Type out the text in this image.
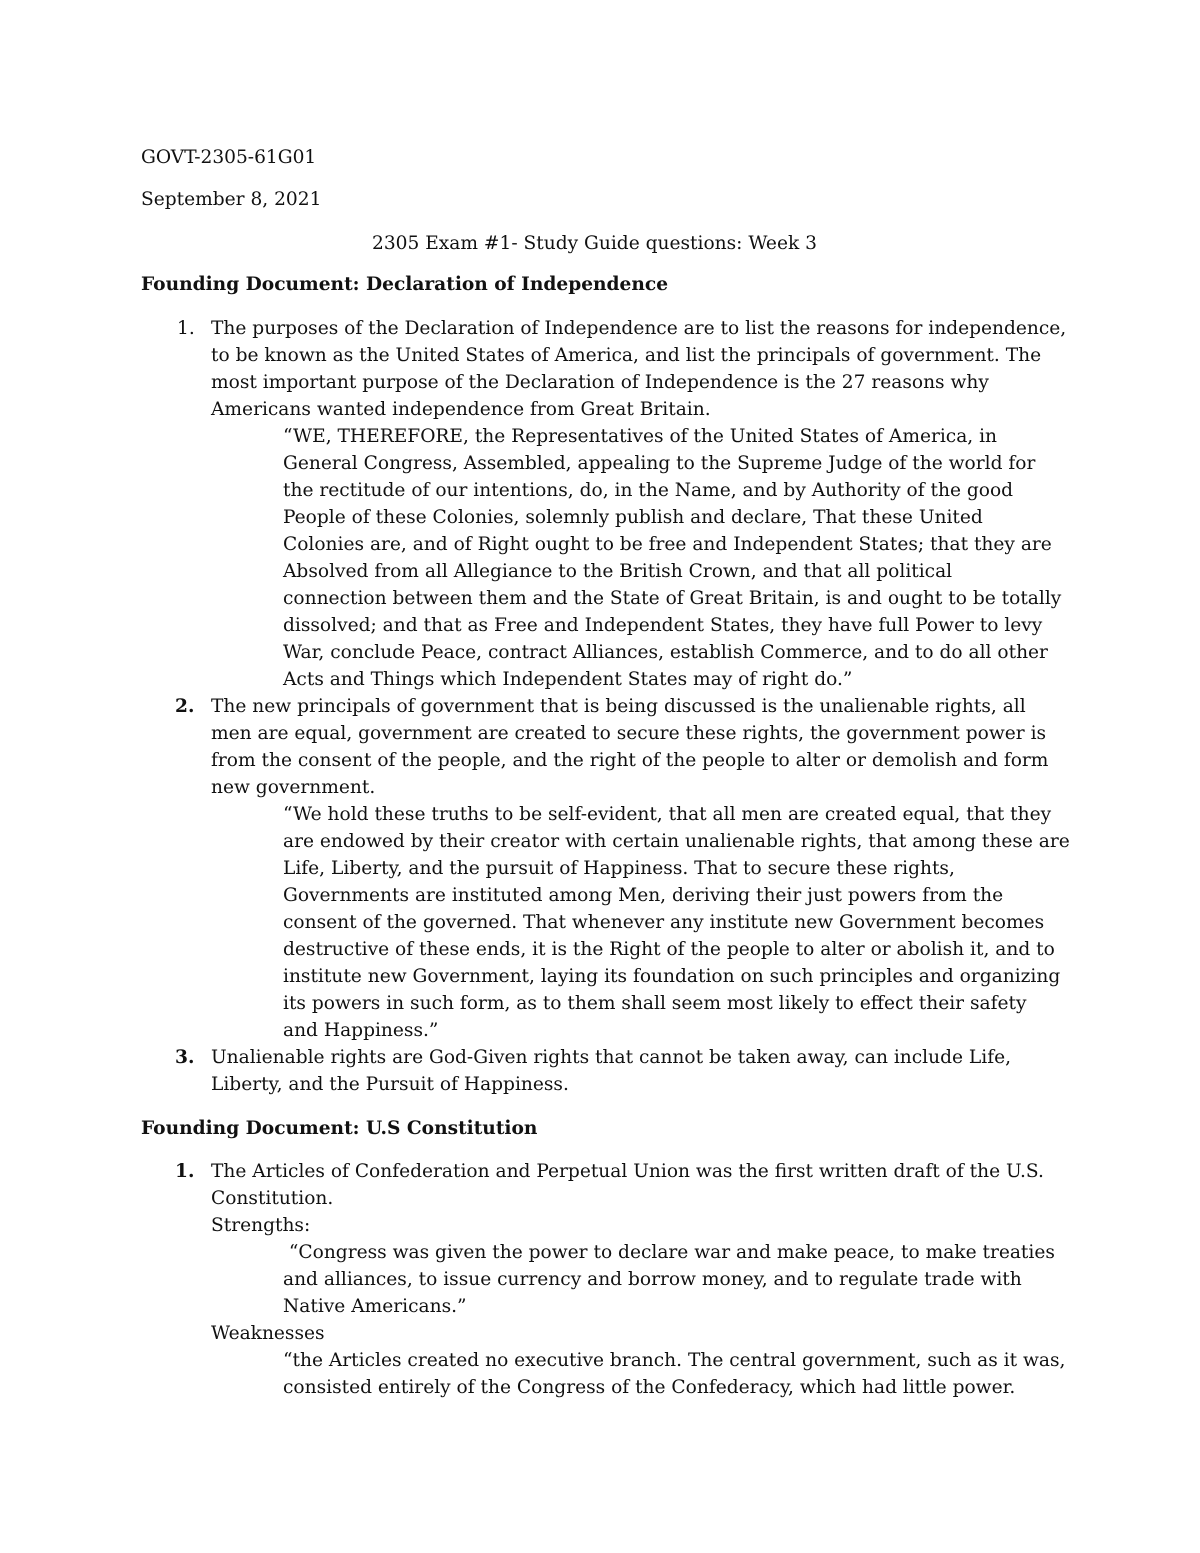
GOVT-2305-61G01

September 8, 2021

2305 Exam #1- Study Guide questions: Week 3

Founding Document: Declaration of Independence

1. The purposes of the Declaration of Independence are to list the reasons for independence,

to be known as the United States of America, and list the principals of government. The

most important purpose of the Declaration of Independence is the 27 reasons why

Americans wanted independence from Great Britain.

“WE, THEREFORE, the Representatives of the United States of America, in

General Congress, Assembled, appealing to the Supreme Judge of the world for

the rectitude of our intentions, do, in the Name, and by Authority of the good

People of these Colonies, solemnly publish and declare, That these United

Colonies are, and of Right ought to be free and Independent States; that they are

Absolved from all Allegiance to the British Crown, and that all political

connection between them and the State of Great Britain, is and ought to be totally

dissolved; and that as Free and Independent States, they have full Power to levy

War, conclude Peace, contract Alliances, establish Commerce, and to do all other

Acts and Things which Independent States may of right do.”

2. The new principals of government that is being discussed is the unalienable rights, all

men are equal, government are created to secure these rights, the government power is

from the consent of the people, and the right of the people to alter or demolish and form

new government.

“We hold these truths to be self-evident, that all men are created equal, that they

are endowed by their creator with certain unalienable rights, that among these are

Life, Liberty, and the pursuit of Happiness. That to secure these rights,

Governments are instituted among Men, deriving their just powers from the

consent of the governed. That whenever any institute new Government becomes

destructive of these ends, it is the Right of the people to alter or abolish it, and to

institute new Government, laying its foundation on such principles and organizing

its powers in such form, as to them shall seem most likely to effect their safety

and Happiness.”

3. Unalienable rights are God-Given rights that cannot be taken away, can include Life,

Liberty, and the Pursuit of Happiness.

Founding Document: U.S Constitution

1. The Articles of Confederation and Perpetual Union was the first written draft of the U.S.

Constitution.

Strengths:

“Congress was given the power to declare war and make peace, to make treaties

and alliances, to issue currency and borrow money, and to regulate trade with

Native Americans.”

Weaknesses

“the Articles created no executive branch. The central government, such as it was,

consisted entirely of the Congress of the Confederacy, which had little power.
